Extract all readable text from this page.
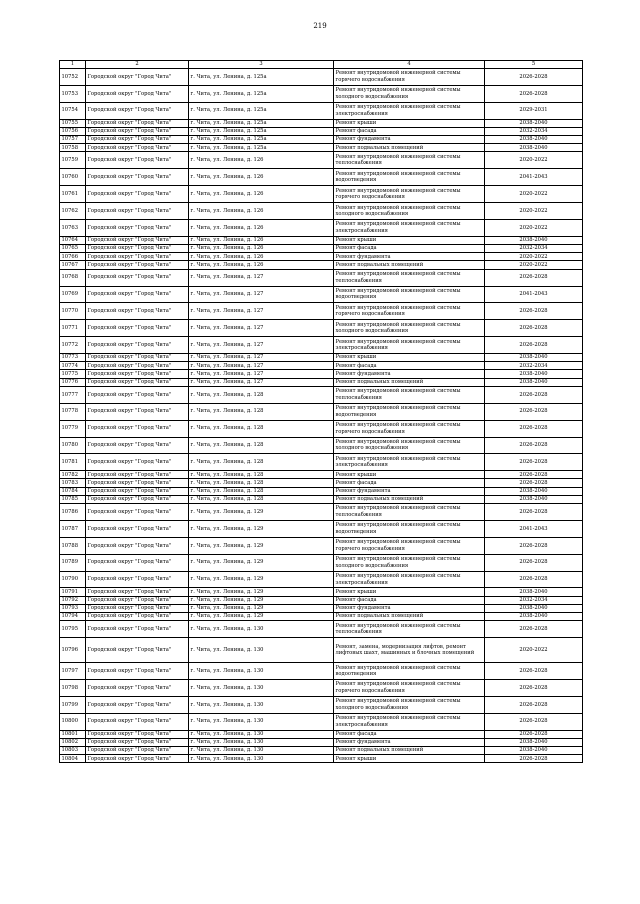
219
1	2	3	4	5
10752	Городской округ "Город Чита"	г. Чита, ул. Ленина, д. 125а	Ремонт внутридомовой инженерной системы горячего водоснабжения	2026-2028
10753	Городской округ "Город Чита"	г. Чита, ул. Ленина, д. 125а	Ремонт внутридомовой инженерной системы холодного водоснабжения	2026-2028
10754	Городской округ "Город Чита"	г. Чита, ул. Ленина, д. 125а	Ремонт внутридомовой инженерной системы электроснабжения	2029-2031
10755	Городской округ "Город Чита"	г. Чита, ул. Ленина, д. 125а	Ремонт крыши	2038-2040
10756	Городской округ "Город Чита"	г. Чита, ул. Ленина, д. 125а	Ремонт фасада	2032-2034
10757	Городской округ "Город Чита"	г. Чита, ул. Ленина, д. 125а	Ремонт фундамента	2038-2040
10758	Городской округ "Город Чита"	г. Чита, ул. Ленина, д. 125а	Ремонт подвальных помещений	2038-2040
10759	Городской округ "Город Чита"	г. Чита, ул. Ленина, д. 126	Ремонт внутридомовой инженерной системы теплоснабжения	2020-2022
10760	Городской округ "Город Чита"	г. Чита, ул. Ленина, д. 126	Ремонт внутридомовой инженерной системы водоотведения	2041-2043
10761	Городской округ "Город Чита"	г. Чита, ул. Ленина, д. 126	Ремонт внутридомовой инженерной системы горячего водоснабжения	2020-2022
10762	Городской округ "Город Чита"	г. Чита, ул. Ленина, д. 126	Ремонт внутридомовой инженерной системы холодного водоснабжения	2020-2022
10763	Городской округ "Город Чита"	г. Чита, ул. Ленина, д. 126	Ремонт внутридомовой инженерной системы электроснабжения	2020-2022
10764	Городской округ "Город Чита"	г. Чита, ул. Ленина, д. 126	Ремонт крыши	2038-2040
10765	Городской округ "Город Чита"	г. Чита, ул. Ленина, д. 126	Ремонт фасада	2032-2034
10766	Городской округ "Город Чита"	г. Чита, ул. Ленина, д. 126	Ремонт фундамента	2020-2022
10767	Городской округ "Город Чита"	г. Чита, ул. Ленина, д. 126	Ремонт подвальных помещений	2020-2022
10768	Городской округ "Город Чита"	г. Чита, ул. Ленина, д. 127	Ремонт внутридомовой инженерной системы теплоснабжения	2026-2028
10769	Городской округ "Город Чита"	г. Чита, ул. Ленина, д. 127	Ремонт внутридомовой инженерной системы водоотведения	2041-2043
10770	Городской округ "Город Чита"	г. Чита, ул. Ленина, д. 127	Ремонт внутридомовой инженерной системы горячего водоснабжения	2026-2028
10771	Городской округ "Город Чита"	г. Чита, ул. Ленина, д. 127	Ремонт внутридомовой инженерной системы холодного водоснабжения	2026-2028
10772	Городской округ "Город Чита"	г. Чита, ул. Ленина, д. 127	Ремонт внутридомовой инженерной системы электроснабжения	2026-2028
10773	Городской округ "Город Чита"	г. Чита, ул. Ленина, д. 127	Ремонт крыши	2038-2040
10774	Городской округ "Город Чита"	г. Чита, ул. Ленина, д. 127	Ремонт фасада	2032-2034
10775	Городской округ "Город Чита"	г. Чита, ул. Ленина, д. 127	Ремонт фундамента	2038-2040
10776	Городской округ "Город Чита"	г. Чита, ул. Ленина, д. 127	Ремонт подвальных помещений	2038-2040
10777	Городской округ "Город Чита"	г. Чита, ул. Ленина, д. 128	Ремонт внутридомовой инженерной системы теплоснабжения	2026-2028
10778	Городской округ "Город Чита"	г. Чита, ул. Ленина, д. 128	Ремонт внутридомовой инженерной системы водоотведения	2026-2028
10779	Городской округ "Город Чита"	г. Чита, ул. Ленина, д. 128	Ремонт внутридомовой инженерной системы горячего водоснабжения	2026-2028
10780	Городской округ "Город Чита"	г. Чита, ул. Ленина, д. 128	Ремонт внутридомовой инженерной системы холодного водоснабжения	2026-2028
10781	Городской округ "Город Чита"	г. Чита, ул. Ленина, д. 128	Ремонт внутридомовой инженерной системы электроснабжения	2026-2028
10782	Городской округ "Город Чита"	г. Чита, ул. Ленина, д. 128	Ремонт крыши	2026-2028
10783	Городской округ "Город Чита"	г. Чита, ул. Ленина, д. 128	Ремонт фасада	2026-2028
10784	Городской округ "Город Чита"	г. Чита, ул. Ленина, д. 128	Ремонт фундамента	2038-2040
10785	Городской округ "Город Чита"	г. Чита, ул. Ленина, д. 128	Ремонт подвальных помещений	2038-2040
10786	Городской округ "Город Чита"	г. Чита, ул. Ленина, д. 129	Ремонт внутридомовой инженерной системы теплоснабжения	2026-2028
10787	Городской округ "Город Чита"	г. Чита, ул. Ленина, д. 129	Ремонт внутридомовой инженерной системы водоотведения	2041-2043
10788	Городской округ "Город Чита"	г. Чита, ул. Ленина, д. 129	Ремонт внутридомовой инженерной системы горячего водоснабжения	2026-2028
10789	Городской округ "Город Чита"	г. Чита, ул. Ленина, д. 129	Ремонт внутридомовой инженерной системы холодного водоснабжения	2026-2028
10790	Городской округ "Город Чита"	г. Чита, ул. Ленина, д. 129	Ремонт внутридомовой инженерной системы электроснабжения	2026-2028
10791	Городской округ "Город Чита"	г. Чита, ул. Ленина, д. 129	Ремонт крыши	2038-2040
10792	Городской округ "Город Чита"	г. Чита, ул. Ленина, д. 129	Ремонт фасада	2032-2034
10793	Городской округ "Город Чита"	г. Чита, ул. Ленина, д. 129	Ремонт фундамента	2038-2040
10794	Городской округ "Город Чита"	г. Чита, ул. Ленина, д. 129	Ремонт подвальных помещений	2038-2040
10795	Городской округ "Город Чита"	г. Чита, ул. Ленина, д. 130	Ремонт внутридомовой инженерной системы теплоснабжения	2026-2028
10796	Городской округ "Город Чита"	г. Чита, ул. Ленина, д. 130	Ремонт, замена, модернизация лифтов, ремонт лифтовых шахт, машинных и блочных помещений	2020-2022
10797	Городской округ "Город Чита"	г. Чита, ул. Ленина, д. 130	Ремонт внутридомовой инженерной системы водоотведения	2026-2028
10798	Городской округ "Город Чита"	г. Чита, ул. Ленина, д. 130	Ремонт внутридомовой инженерной системы горячего водоснабжения	2026-2028
10799	Городской округ "Город Чита"	г. Чита, ул. Ленина, д. 130	Ремонт внутридомовой инженерной системы холодного водоснабжения	2026-2028
10800	Городской округ "Город Чита"	г. Чита, ул. Ленина, д. 130	Ремонт внутридомовой инженерной системы электроснабжения	2026-2028
10801	Городской округ "Город Чита"	г. Чита, ул. Ленина, д. 130	Ремонт фасада	2026-2028
10802	Городской округ "Город Чита"	г. Чита, ул. Ленина, д. 130	Ремонт фундамента	2038-2040
10803	Городской округ "Город Чита"	г. Чита, ул. Ленина, д. 130	Ремонт подвальных помещений	2038-2040
10804	Городской округ "Город Чита"	г. Чита, ул. Ленина, д. 130	Ремонт крыши	2026-2028
